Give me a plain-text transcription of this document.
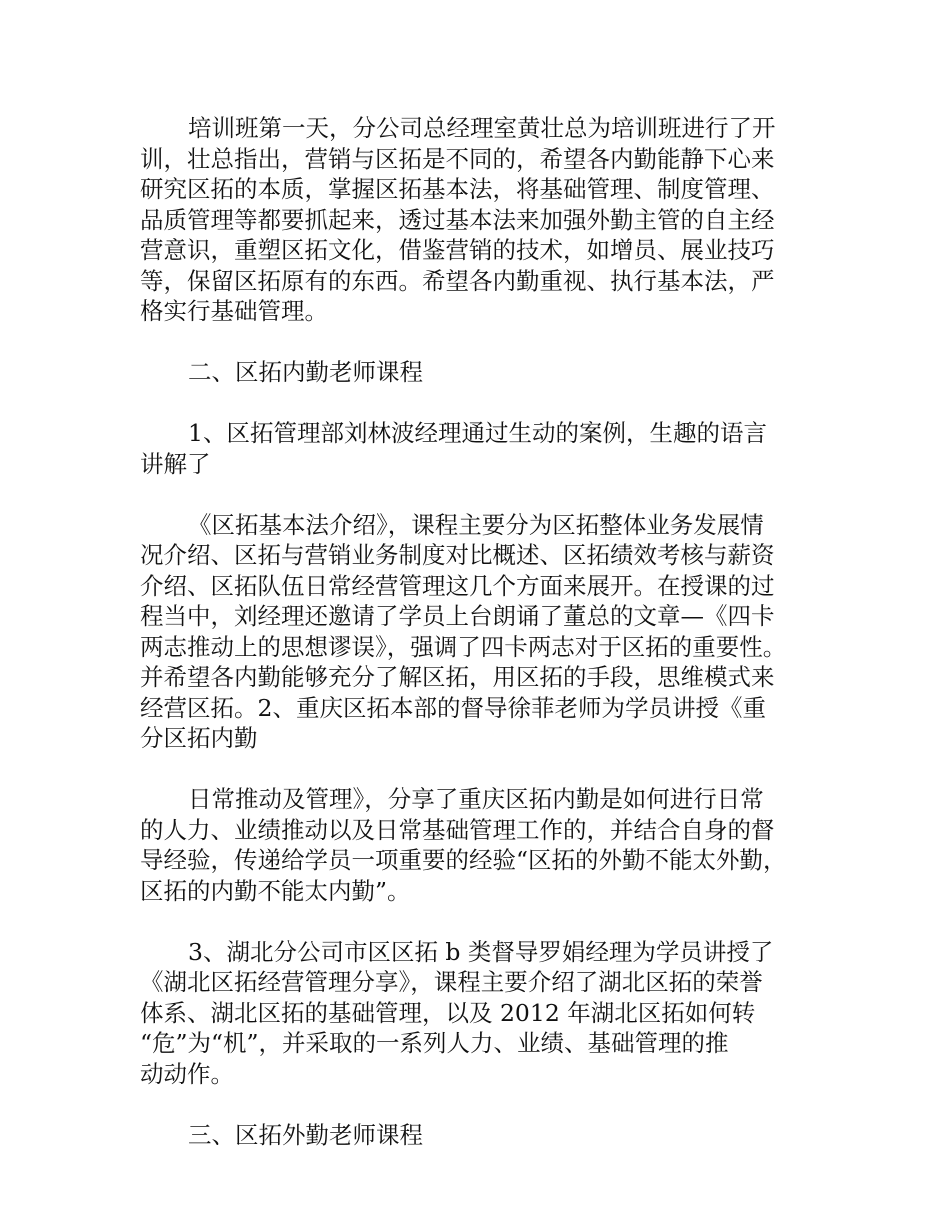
培训班第一天，分公司总经理室黄壮总为培训班进行了开
训，壮总指出，营销与区拓是不同的，希望各内勤能静下心来
研究区拓的本质，掌握区拓基本法，将基础管理、制度管理、
品质管理等都要抓起来，透过基本法来加强外勤主管的自主经
营意识，重塑区拓文化，借鉴营销的技术，如增员、展业技巧
等，保留区拓原有的东西。希望各内勤重视、执行基本法，严
格实行基础管理。
二、区拓内勤老师课程
1、区拓管理部刘林波经理通过生动的案例，生趣的语言
讲解了
《区拓基本法介绍》，课程主要分为区拓整体业务发展情
况介绍、区拓与营销业务制度对比概述、区拓绩效考核与薪资
介绍、区拓队伍日常经营管理这几个方面来展开。在授课的过
程当中，刘经理还邀请了学员上台朗诵了董总的文章—《四卡
两志推动上的思想谬误》，强调了四卡两志对于区拓的重要性。
并希望各内勤能够充分了解区拓，用区拓的手段，思维模式来
经营区拓。2、重庆区拓本部的督导徐菲老师为学员讲授《重
分区拓内勤
日常推动及管理》，分享了重庆区拓内勤是如何进行日常
的人力、业绩推动以及日常基础管理工作的，并结合自身的督
导经验，传递给学员一项重要的经验“区拓的外勤不能太外勤，
区拓的内勤不能太内勤”。
3、湖北分公司市区区拓 b 类督导罗娟经理为学员讲授了
《湖北区拓经营管理分享》，课程主要介绍了湖北区拓的荣誉
体系、湖北区拓的基础管理，以及 2012 年湖北区拓如何转
“危”为“机”，并采取的一系列人力、业绩、基础管理的推
动动作。
三、区拓外勤老师课程
